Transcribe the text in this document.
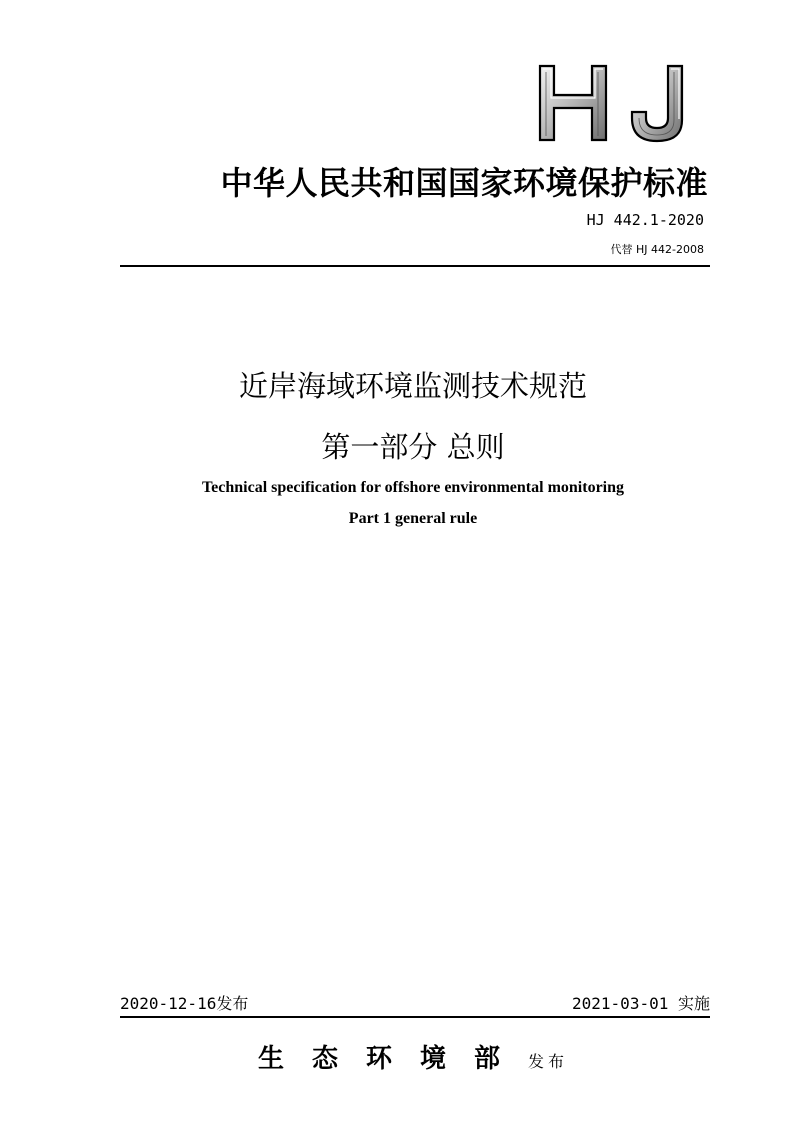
中华人民共和国国家环境保护标准
HJ 442.1-2020
代替 HJ 442-2008
近岸海域环境监测技术规范
第一部分 总则
Technical specification for offshore environmental monitoring
Part 1 general rule
2020-12-16发布	2021-03-01 实施
生态环境部发布
